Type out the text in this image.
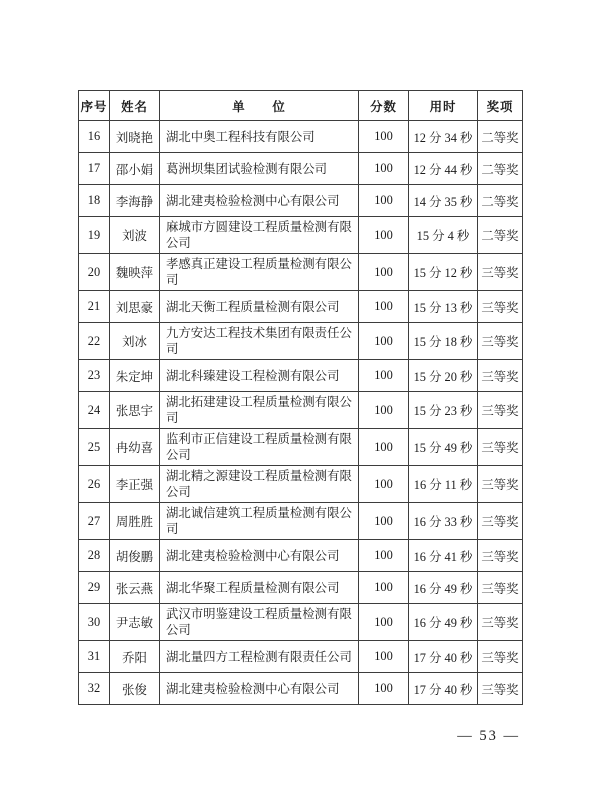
序号	姓名	单　　位	分数	用时	奖项
16	刘晓艳	湖北中奥工程科技有限公司	100	12 分 34 秒	二等奖
17	邵小娟	葛洲坝集团试验检测有限公司	100	12 分 44 秒	二等奖
18	李海静	湖北建夷检验检测中心有限公司	100	14 分 35 秒	二等奖
19	刘波	麻城市方圆建设工程质量检测有限公司	100	15 分 4 秒	二等奖
20	魏映萍	孝感真正建设工程质量检测有限公司	100	15 分 12 秒	三等奖
21	刘思豪	湖北天衡工程质量检测有限公司	100	15 分 13 秒	三等奖
22	刘冰	九方安达工程技术集团有限责任公司	100	15 分 18 秒	三等奖
23	朱定坤	湖北科臻建设工程检测有限公司	100	15 分 20 秒	三等奖
24	张思宇	湖北拓建建设工程质量检测有限公司	100	15 分 23 秒	三等奖
25	冉幼喜	监利市正信建设工程质量检测有限公司	100	15 分 49 秒	三等奖
26	李正强	湖北精之源建设工程质量检测有限公司	100	16 分 11 秒	三等奖
27	周胜胜	湖北诚信建筑工程质量检测有限公司	100	16 分 33 秒	三等奖
28	胡俊鹏	湖北建夷检验检测中心有限公司	100	16 分 41 秒	三等奖
29	张云燕	湖北华聚工程质量检测有限公司	100	16 分 49 秒	三等奖
30	尹志敏	武汉市明鉴建设工程质量检测有限公司	100	16 分 49 秒	三等奖
31	乔阳	湖北量四方工程检测有限责任公司	100	17 分 40 秒	三等奖
32	张俊	湖北建夷检验检测中心有限公司	100	17 分 40 秒	三等奖
— 53 —
